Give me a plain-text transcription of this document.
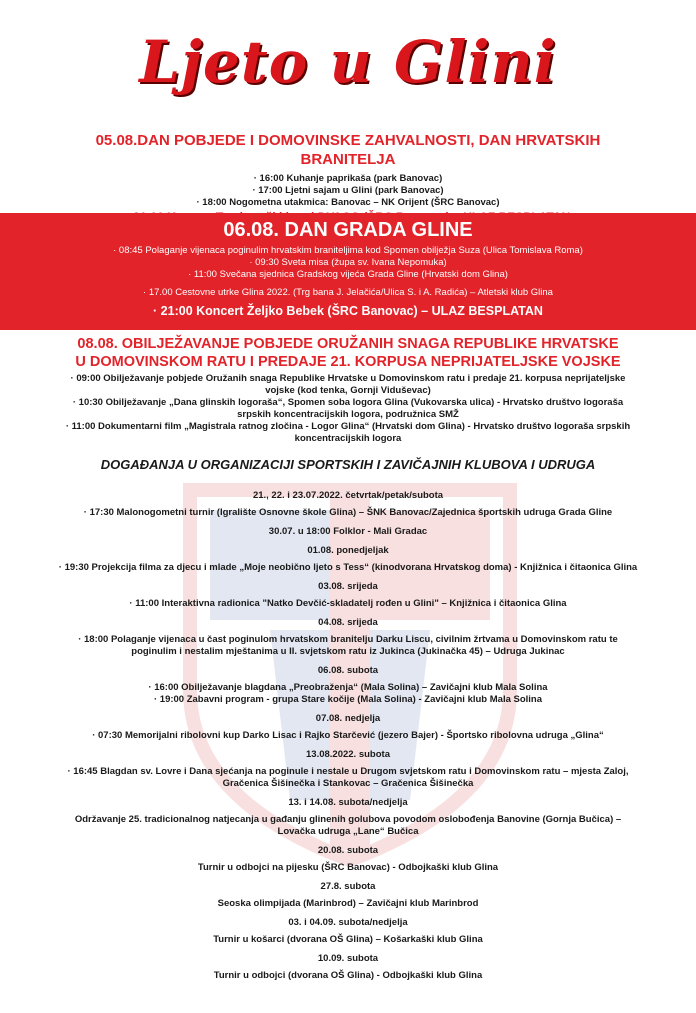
Ljeto u Glini
05.08.DAN POBJEDE I DOMOVINSKE ZAHVALNOSTI, DAN HRVATSKIH BRANITELJA
· 16:00 Kuhanje paprikaša (park Banovac)
· 17:00 Ljetni sajam u Glini (park Banovac)
· 18:00 Nogometna utakmica: Banovac – NK Orijent (ŠRC Banovac)
06.08. DAN GRADA GLINE
· 08:45 Polaganje vijenaca poginulim hrvatskim braniteljima kod Spomen obilježja Suza (Ulica Tomislava Roma)
· 09:30 Sveta misa (župa sv. Ivana Nepomuka)
· 11:00 Svečana sjednica Gradskog vijeća Grada Gline (Hrvatski dom Glina)
· 17.00 Cestovne utrke Glina 2022. (Trg bana J. Jelačića/Ulica S. i A. Radića) – Atletski klub Glina
· 21:00 Koncert Željko Bebek (ŠRC Banovac) – ULAZ BESPLATAN
08.08. OBILJEŽAVANJE POBJEDE ORUŽANIH SNAGA REPUBLIKE HRVATSKE
U DOMOVINSKOM RATU I PREDAJE 21. KORPUSA NEPRIJATELJSKE VOJSKE
· 09:00 Obilježavanje pobjede Oružanih snaga Republike Hrvatske u Domovinskom ratu i predaje 21. korpusa neprijateljske
vojske (kod tenka, Gornji Viduševac)
· 10:30 Obilježavanje „Dana glinskih logoraša“, Spomen soba logora Glina (Vukovarska ulica) - Hrvatsko društvo logoraša
srpskih koncentracijskih logora, podružnica SMŽ
· 11:00 Dokumentarni film „Magistrala ratnog zločina - Logor Glina“ (Hrvatski dom Glina) - Hrvatsko društvo logoraša srpskih
koncentracijskih logora
DOGAĐANJA U ORGANIZACIJI SPORTSKIH I ZAVIČAJNIH KLUBOVA I UDRUGA
21., 22. i 23.07.2022. četvrtak/petak/subota
· 17:30 Malonogometni turnir (Igralište Osnovne škole Glina) – ŠNK Banovac/Zajednica športskih udruga Grada Gline
30.07. u 18:00 Folklor - Mali Gradac
01.08. ponedjeljak
· 19:30 Projekcija filma za djecu i mlade „Moje neobično ljeto s Tess“ (kinodvorana Hrvatskog doma) - Knjižnica i čitaonica Glina
03.08. srijeda
· 11:00 Interaktivna radionica "Natko Devčić-skladatelj rođen u Glini" – Knjižnica i čitaonica Glina
04.08. srijeda
· 18:00 Polaganje vijenaca u čast poginulom hrvatskom branitelju Darku Liscu, civilnim žrtvama u Domovinskom ratu te
poginulim i nestalim mještanima u II. svjetskom ratu iz Jukinca (Jukinačka 45) – Udruga Jukinac
06.08. subota
· 16:00 Obilježavanje blagdana „Preobraženja“ (Mala Solina) – Zavičajni klub Mala Solina
· 19:00 Zabavni program - grupa Stare kočije (Mala Solina) - Zavičajni klub Mala Solina
07.08. nedjelja
· 07:30 Memorijalni ribolovni kup Darko Lisac i Rajko Starčević (jezero Bajer) - Športsko ribolovna udruga „Glina“
13.08.2022. subota
· 16:45 Blagdan sv. Lovre i Dana sjećanja na poginule i nestale u Drugom svjetskom ratu i Domovinskom ratu – mjesta Zaloj,
Gračenica Šišinečka i Stankovac – Gračenica Šišinečka
13. i 14.08. subota/nedjelja
Održavanje 25. tradicionalnog natjecanja u gađanju glinenih golubova povodom oslobođenja Banovine (Gornja Bučica) –
Lovačka udruga „Lane“ Bučica
20.08. subota
Turnir u odbojci na pijesku (ŠRC Banovac) - Odbojkaški klub Glina
27.8. subota
Seoska olimpijada (Marinbrod) – Zavičajni klub Marinbrod
03. i 04.09. subota/nedjelja
Turnir u košarci (dvorana OŠ Glina) – Košarkaški klub Glina
10.09. subota
Turnir u odbojci (dvorana OŠ Glina) - Odbojkaški klub Glina
